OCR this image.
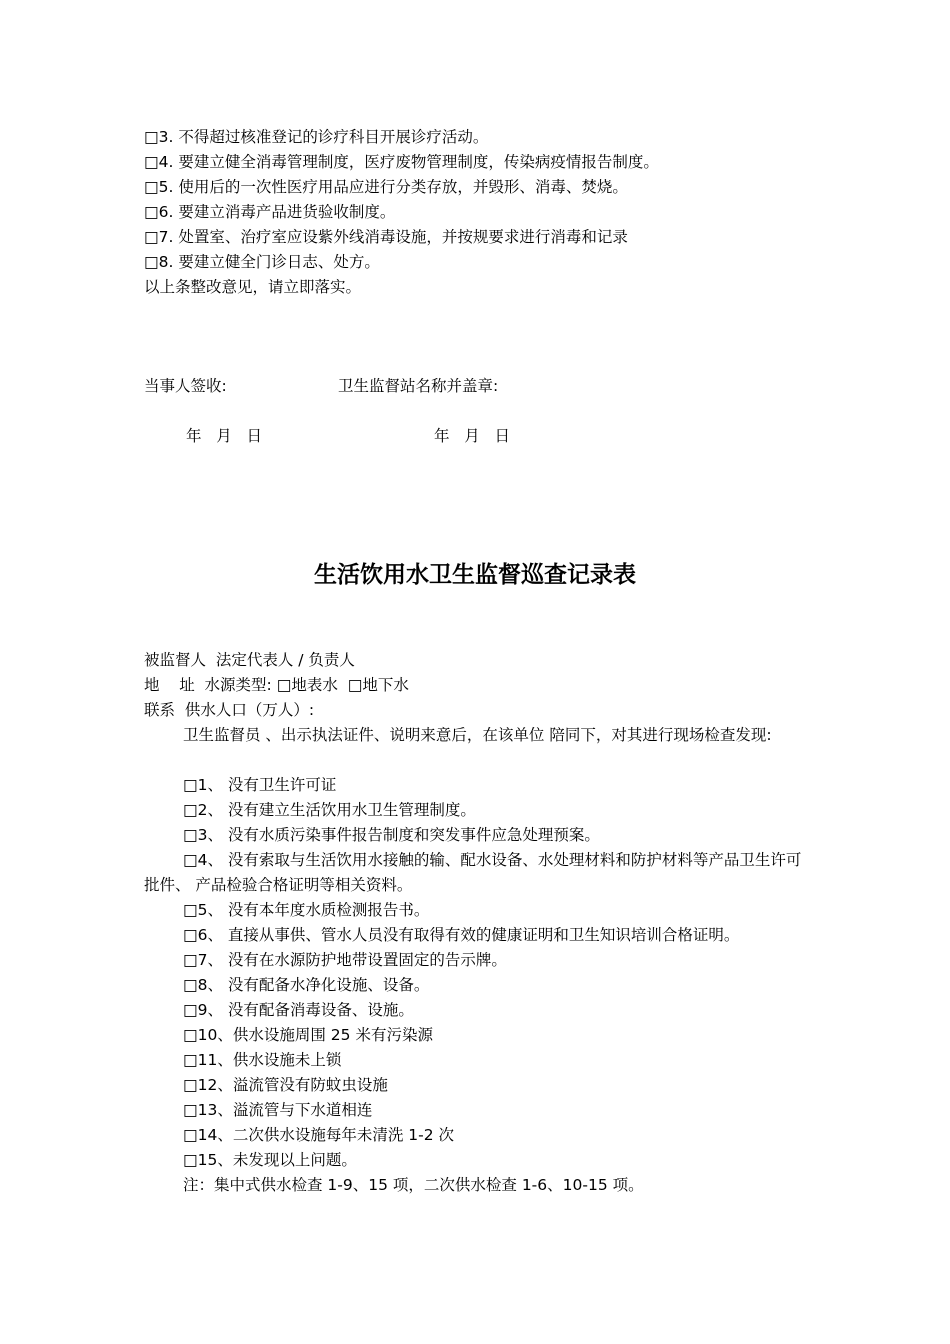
□3. 不得超过核准登记的诊疗科目开展诊疗活动。
□4. 要建立健全消毒管理制度，医疗废物管理制度，传染病疫情报告制度。
□5. 使用后的一次性医疗用品应进行分类存放，并毁形、消毒、焚烧。
□6. 要建立消毒产品进货验收制度。
□7. 处置室、治疗室应设紫外线消毒设施，并按规要求进行消毒和记录
□8. 要建立健全门诊日志、处方。
以上条整改意见，请立即落实。
当事人签收:	卫生监督站名称并盖章:
年   月   日	年   月   日
生活饮用水卫生监督巡查记录表
被监督人  法定代表人 / 负责人
地    址  水源类型: □地表水  □地下水
联系  供水人口（万人）:
卫生监督员 、出示执法证件、说明来意后，在该单位 陪同下，对其进行现场检查发现:
□1、 没有卫生许可证
□2、 没有建立生活饮用水卫生管理制度。
□3、 没有水质污染事件报告制度和突发事件应急处理预案。
□4、 没有索取与生活饮用水接触的输、配水设备、水处理材料和防护材料等产品卫生许可批件、 产品检验合格证明等相关资料。
□5、 没有本年度水质检测报告书。
□6、 直接从事供、管水人员没有取得有效的健康证明和卫生知识培训合格证明。
□7、 没有在水源防护地带设置固定的告示牌。
□8、 没有配备水净化设施、设备。
□9、 没有配备消毒设备、设施。
□10、供水设施周围 25 米有污染源
□11、供水设施未上锁
□12、溢流管没有防蚊虫设施
□13、溢流管与下水道相连
□14、二次供水设施每年未清洗 1-2 次
□15、未发现以上问题。
注：集中式供水检查 1-9、15 项，二次供水检查 1-6、10-15 项。
